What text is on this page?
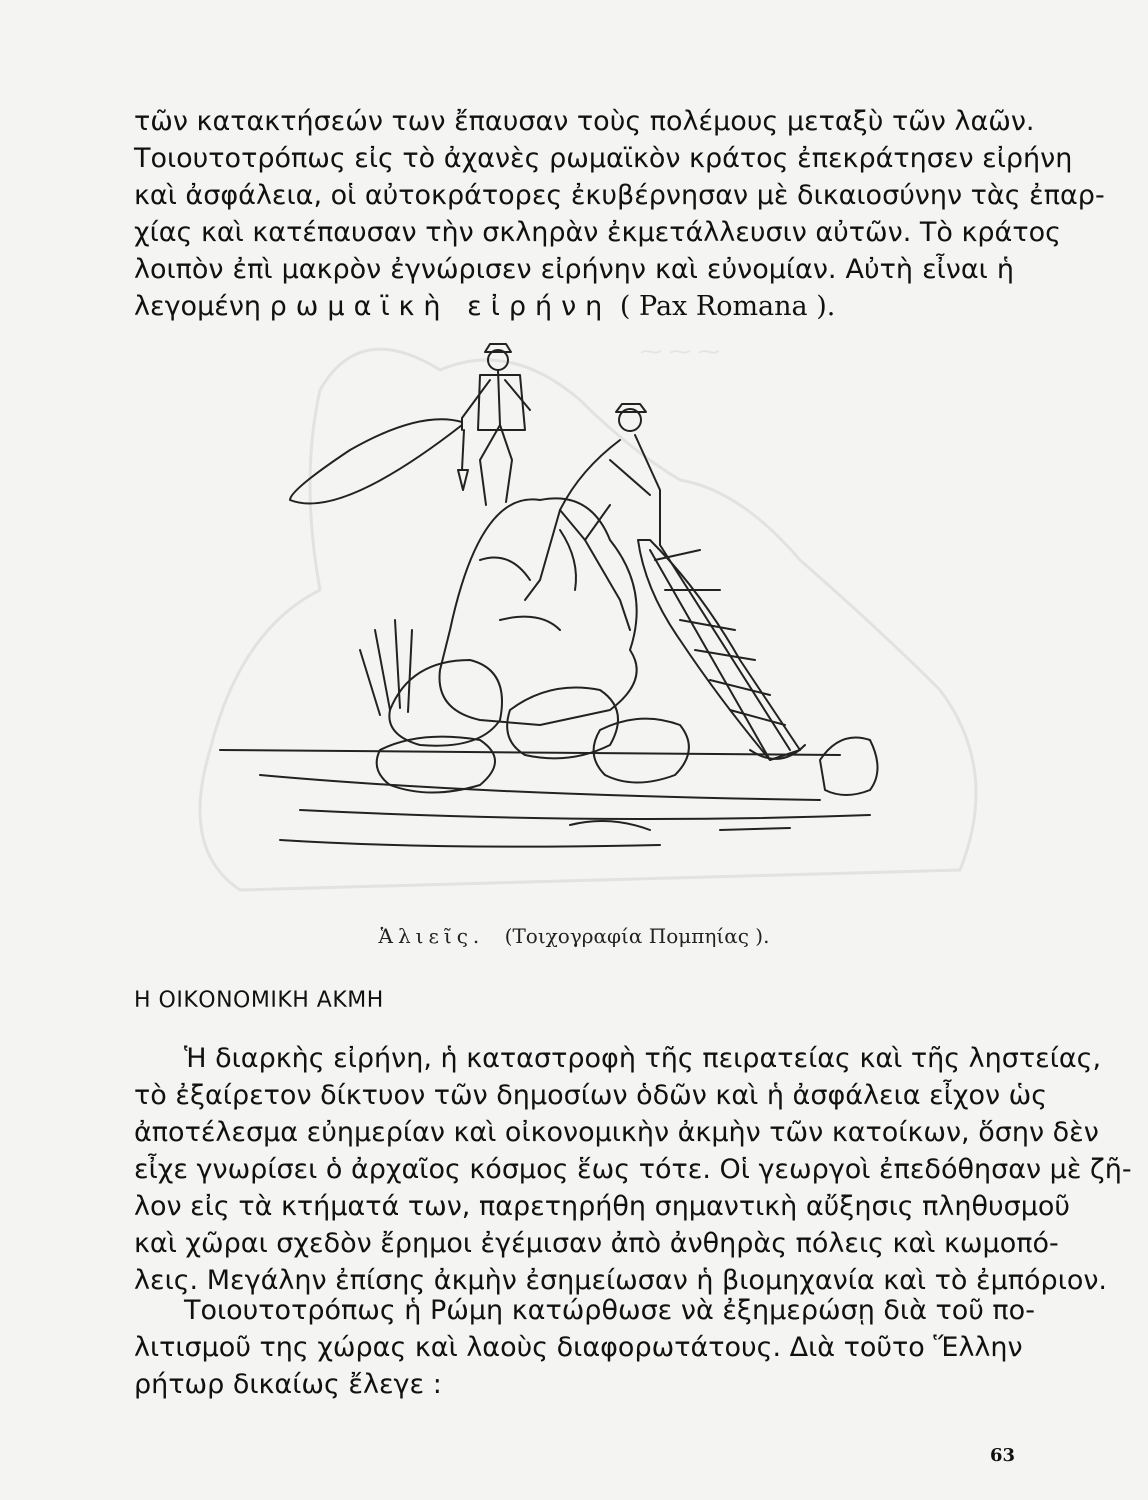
⁓ ⁓ ⁓
τῶν κατακτήσεών των ἔπαυσαν τοὺς πολέμους μεταξὺ τῶν λαῶν.
Τοιουτοτρόπως εἰς τὸ ἀχανὲς ρωμαϊκὸν κράτος ἐπεκράτησεν εἰρήνη
καὶ ἀσφάλεια, οἱ αὐτοκράτορες ἐκυβέρνησαν μὲ δικαιοσύνην τὰς ἐπαρ-
χίας καὶ κατέπαυσαν τὴν σκληρὰν ἐκμετάλλευσιν αὐτῶν. Τὸ κράτος
λοιπὸν ἐπὶ μακρὸν ἐγνώρισεν εἰρήνην καὶ εὐνομίαν. Αὐτὴ εἶναι ἡ
λεγομένη ρωμαϊκὴ εἰρήνη ( Pax Romana ).
Ἁλιεῖς. (Τοιχογραφία Πομπηίας ).
Η ΟΙΚΟΝΟΜΙΚΗ ΑΚΜΗ
Ἡ διαρκὴς εἰρήνη, ἡ καταστροφὴ τῆς πειρατείας καὶ τῆς ληστείας,
τὸ ἐξαίρετον δίκτυον τῶν δημοσίων ὁδῶν καὶ ἡ ἀσφάλεια εἶχον ὡς
ἀποτέλεσμα εὐημερίαν καὶ οἰκονομικὴν ἀκμὴν τῶν κατοίκων, ὅσην δὲν
εἶχε γνωρίσει ὁ ἀρχαῖος κόσμος ἕως τότε. Οἱ γεωργοὶ ἐπεδόθησαν μὲ ζῆ-
λον εἰς τὰ κτήματά των, παρετηρήθη σημαντικὴ αὔξησις πληθυσμοῦ
καὶ χῶραι σχεδὸν ἔρημοι ἐγέμισαν ἀπὸ ἀνθηρὰς πόλεις καὶ κωμοπό-
λεις. Μεγάλην ἐπίσης ἀκμὴν ἐσημείωσαν ἡ βιομηχανία καὶ τὸ ἐμπόριον.
Τοιουτοτρόπως ἡ Ρώμη κατώρθωσε νὰ ἐξημερώσῃ διὰ τοῦ πο-
λιτισμοῦ της χώρας καὶ λαοὺς διαφορωτάτους. Διὰ τοῦτο Ἕλλην
ρήτωρ δικαίως ἔλεγε :
63
